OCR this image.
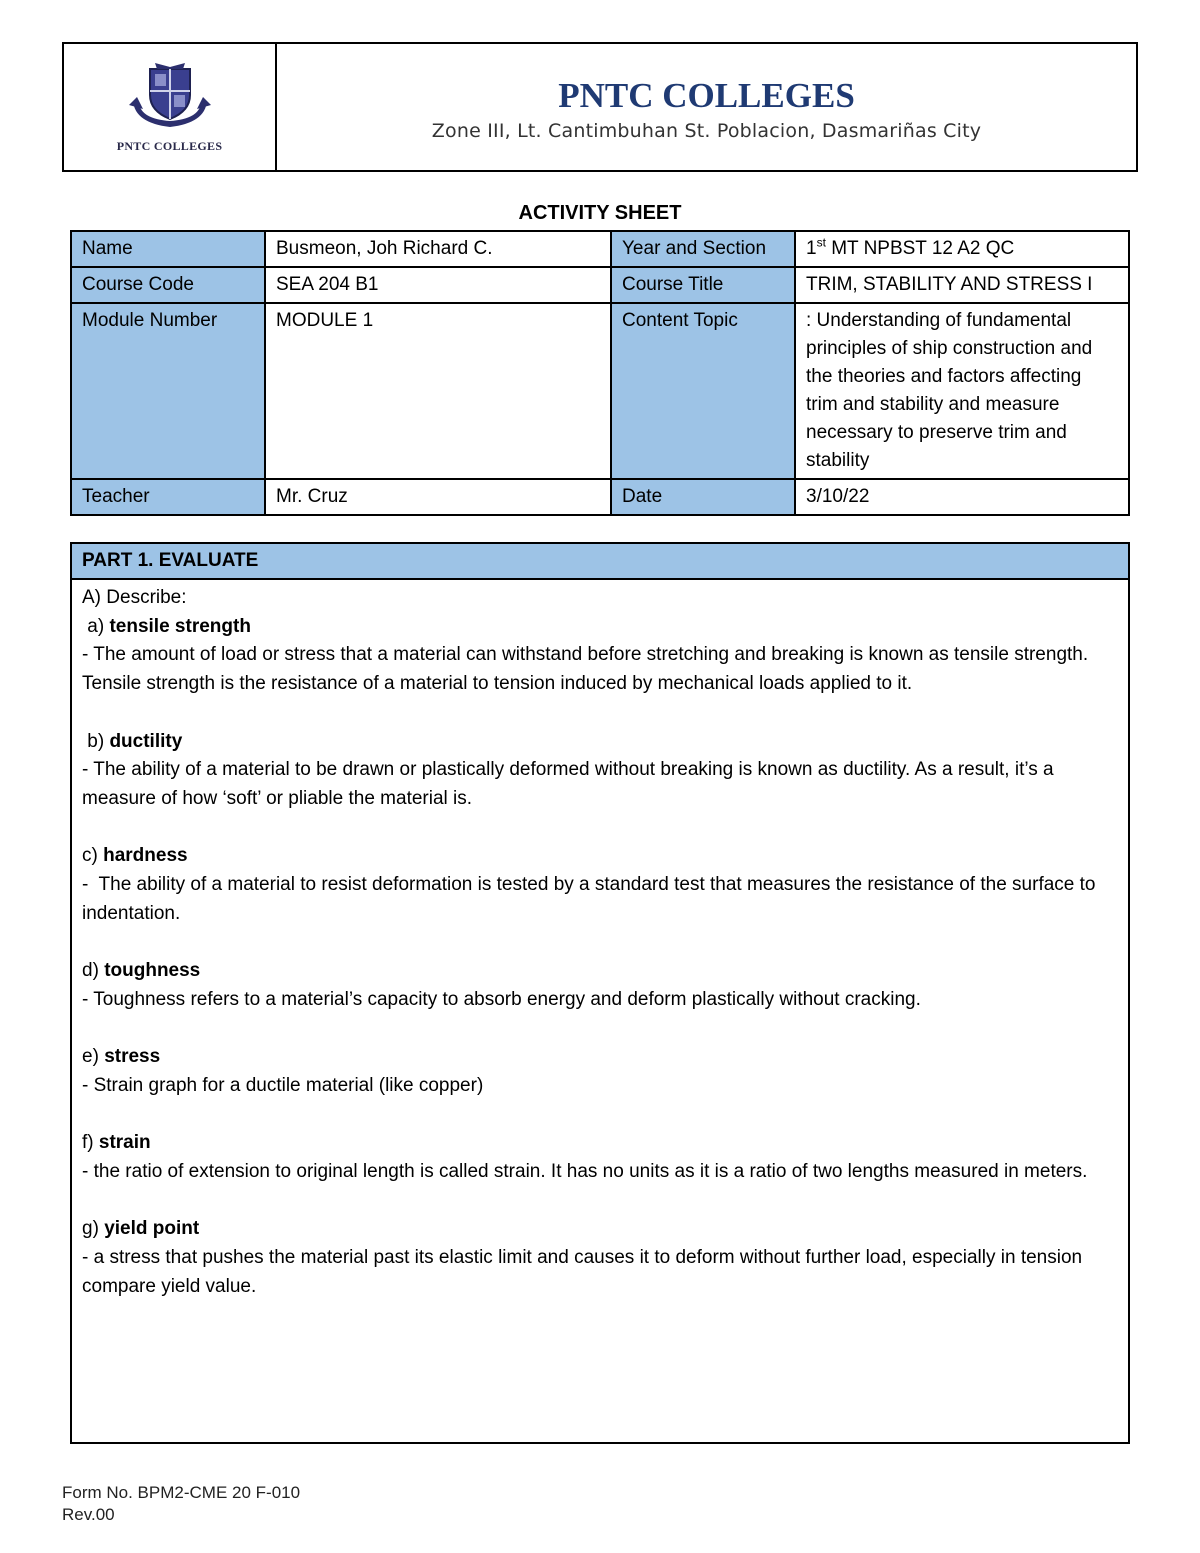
PNTC COLLEGES
PNTC COLLEGES
Zone III, Lt. Cantimbuhan St. Poblacion, Dasmariñas City
ACTIVITY SHEET
Name	Busmeon, Joh Richard C.	Year and Section	1st MT NPBST 12 A2 QC
Course Code	SEA 204 B1	Course Title	TRIM, STABILITY AND STRESS I
Module Number	MODULE 1	Content Topic	: Understanding of fundamental principles of ship construction and the theories and factors affecting trim and stability and measure necessary to preserve trim and stability
Teacher	Mr. Cruz	Date	3/10/22
PART 1. EVALUATE
A) Describe:
a) tensile strength
- The amount of load or stress that a material can withstand before stretching and breaking is known as tensile strength. Tensile strength is the resistance of a material to tension induced by mechanical loads applied to it.
b) ductility
- The ability of a material to be drawn or plastically deformed without breaking is known as ductility. As a result, it’s a measure of how ‘soft’ or pliable the material is.
c) hardness
-  The ability of a material to resist deformation is tested by a standard test that measures the resistance of the surface to indentation.
d) toughness
- Toughness refers to a material’s capacity to absorb energy and deform plastically without cracking.
e) stress
- Strain graph for a ductile material (like copper)
f) strain
- the ratio of extension to original length is called strain. It has no units as it is a ratio of two lengths measured in meters.
g) yield point
- a stress that pushes the material past its elastic limit and causes it to deform without further load, especially in tension compare yield value.
Form No. BPM2-CME 20 F-010
Rev.00
